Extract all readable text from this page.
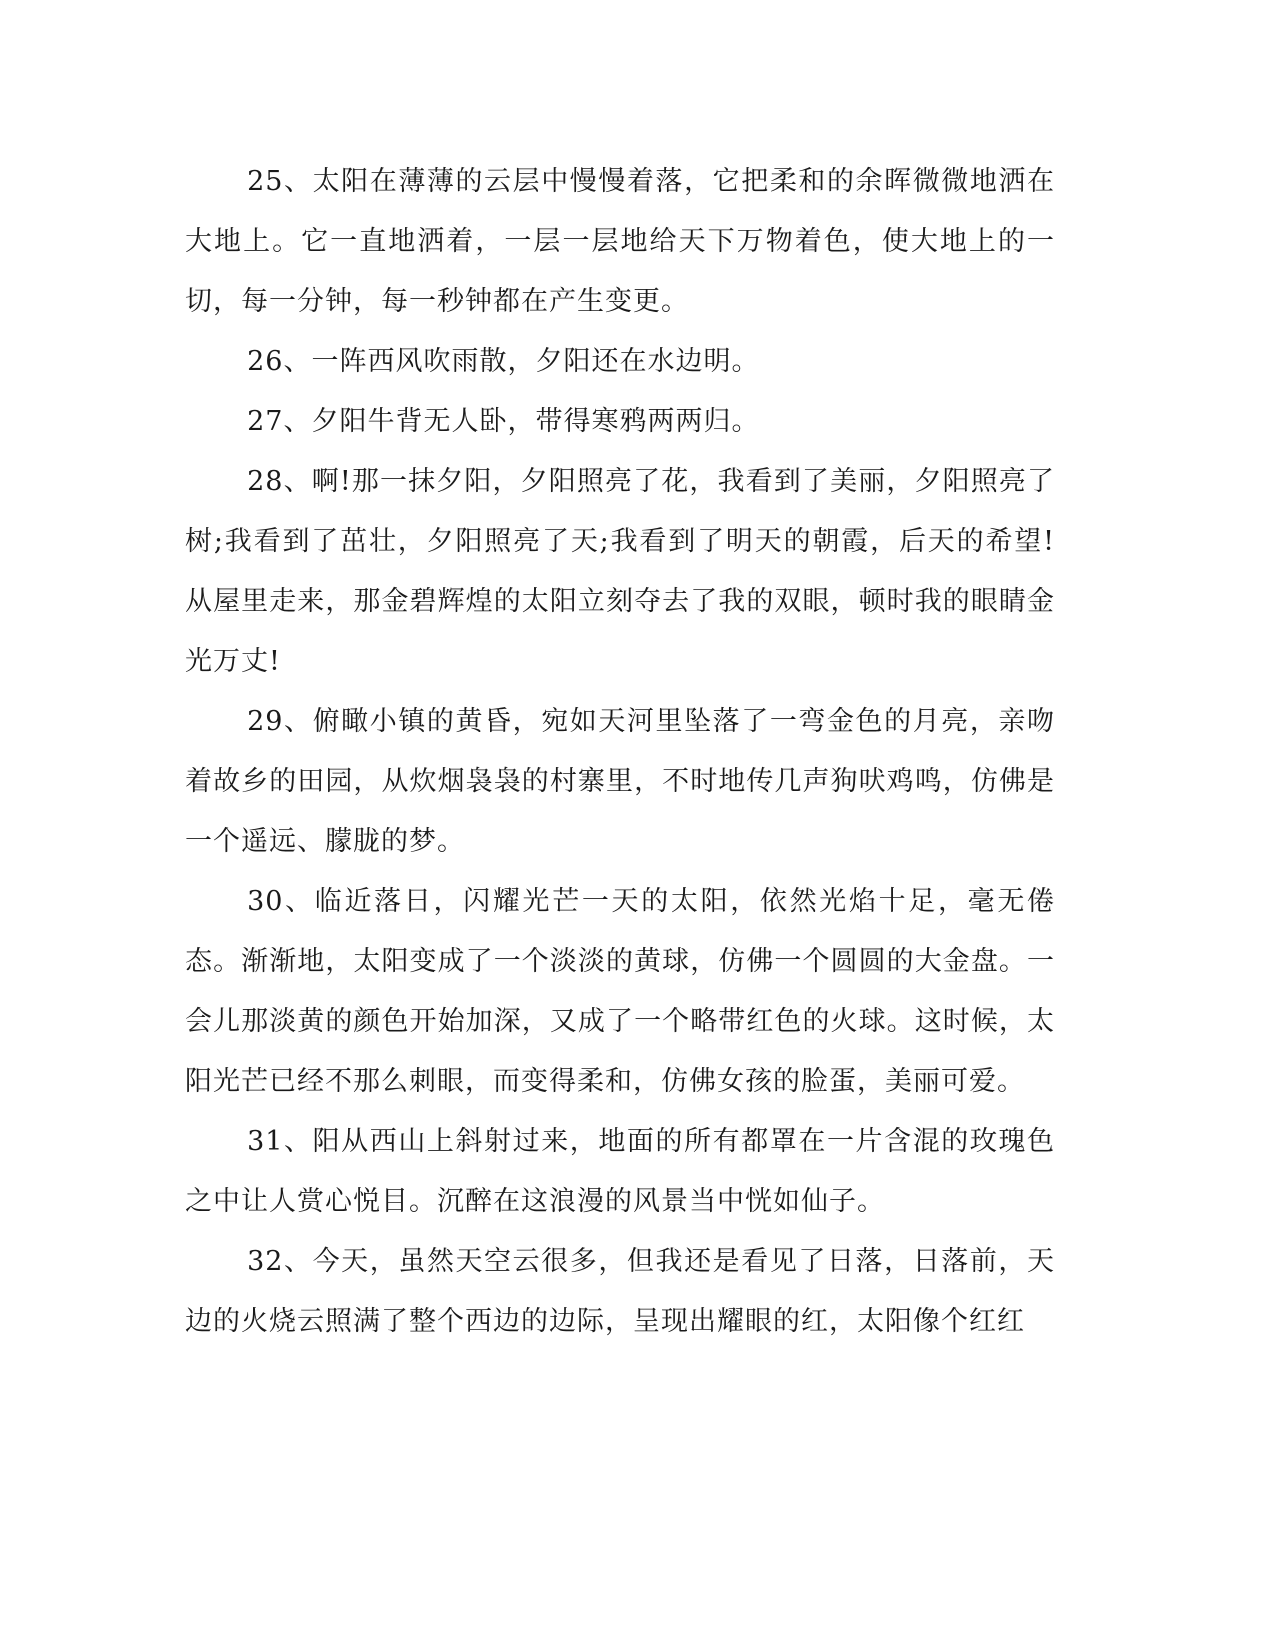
25、太阳在薄薄的云层中慢慢着落，它把柔和的余晖微微地洒在大地上。它一直地洒着，一层一层地给天下万物着色，使大地上的一切，每一分钟，每一秒钟都在产生变更。

26、一阵西风吹雨散，夕阳还在水边明。

27、夕阳牛背无人卧，带得寒鸦两两归。

28、啊!那一抹夕阳，夕阳照亮了花，我看到了美丽，夕阳照亮了树;我看到了茁壮，夕阳照亮了天;我看到了明天的朝霞，后天的希望!从屋里走来，那金碧辉煌的太阳立刻夺去了我的双眼，顿时我的眼睛金光万丈!

29、俯瞰小镇的黄昏，宛如天河里坠落了一弯金色的月亮，亲吻着故乡的田园，从炊烟袅袅的村寨里，不时地传几声狗吠鸡鸣，仿佛是一个遥远、朦胧的梦。

30、临近落日，闪耀光芒一天的太阳，依然光焰十足，毫无倦态。渐渐地，太阳变成了一个淡淡的黄球，仿佛一个圆圆的大金盘。一会儿那淡黄的颜色开始加深，又成了一个略带红色的火球。这时候，太阳光芒已经不那么刺眼，而变得柔和，仿佛女孩的脸蛋，美丽可爱。

31、阳从西山上斜射过来，地面的所有都罩在一片含混的玫瑰色之中让人赏心悦目。沉醉在这浪漫的风景当中恍如仙子。

32、今天，虽然天空云很多，但我还是看见了日落，日落前，天边的火烧云照满了整个西边的边际，呈现出耀眼的红，太阳像个红红
